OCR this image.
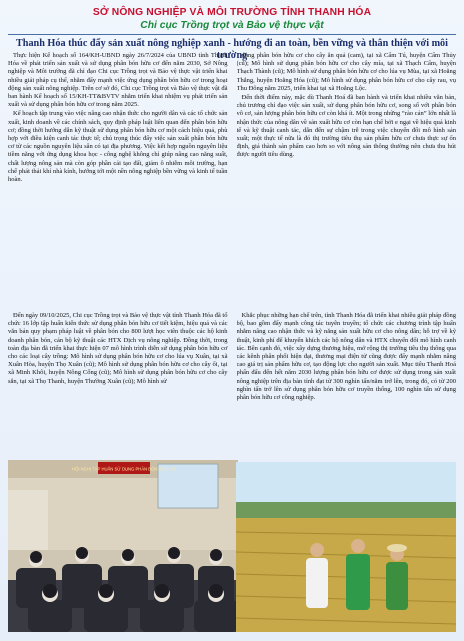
SỞ NÔNG NGHIỆP VÀ MÔI TRƯỜNG TỈNH THANH HÓA
Chi cục Trồng trọt và Bảo vệ thực vật
Thanh Hóa thúc đẩy sản xuất nông nghiệp xanh - hướng đi an toàn, bền vững và thân thiện với môi trường

Thực hiện Kế hoạch số 164/KH-UBND ngày 26/7/2024 của UBND tỉnh Thanh Hóa về phát triển sản xuất và sử dụng phân bón hữu cơ đến năm 2030, Sở Nông nghiệp và Môi trường đã chỉ đạo Chi cục Trồng trọt và Bảo vệ thực vật triển khai nhiều giải pháp cụ thể, nhằm đẩy mạnh việc ứng dụng phân bón hữu cơ trong hoạt động sản xuất nông nghiệp. Trên cơ sở đó, Chi cục Trồng trọt và Bảo vệ thực vật đã ban hành Kế hoạch số 15/KH-TT&BVTV nhằm triển khai nhiệm vụ phát triển sản xuất và sử dụng phân bón hữu cơ trong năm 2025.

Kế hoạch tập trung vào việc nâng cao nhận thức cho người dân và các tổ chức sản xuất, kinh doanh về các chính sách, quy định pháp luật liên quan đến phân bón hữu cơ; đồng thời hướng dẫn kỹ thuật sử dụng phân bón hữu cơ một cách hiệu quả, phù hợp với điều kiện canh tác thực tế; chú trọng thúc đẩy việc sản xuất phân bón hữu cơ từ các nguồn nguyên liệu sẵn có tại địa phương. Việc kết hợp nguồn nguyên liệu tiềm năng với ứng dụng khoa học - công nghệ không chỉ giúp nâng cao năng suất, chất lượng nông sản mà còn góp phần cải tạo đất, giảm ô nhiễm môi trường, hạn chế phát thải khí nhà kính, hướng tới một nền nông nghiệp bền vững và kinh tế tuần hoàn.

dụng phân bón hữu cơ cho cây ăn quả (cam), tại xã Cẩm Tú, huyện Cẩm Thủy (cũ); Mô hình sử dụng phân bón hữu cơ cho cây mía, tại xã Thạch Cẩm, huyện Thạch Thành (cũ); Mô hình sử dụng phân bón hữu cơ cho lúa vụ Mùa, tại xã Hoằng Thắng, huyện Hoằng Hóa (cũ); Mô hình sử dụng phân bón hữu cơ cho cây rau, vụ Thu Đông năm 2025, triển khai tại xã Hoằng Lộc.

Đến thời điểm này, mặc dù Thanh Hoá đã ban hành và triển khai nhiều văn bản, chủ trương chỉ đạo việc sản xuất, sử dụng phân bón hữu cơ, song số với phân bón vô cơ, sản lượng phân bón hữu cơ còn khá ít. Một trong những “rào cản” lớn nhất là nhận thức của nông dân về sản xuất hữu cơ còn hạn chế bởi e ngại về hiệu quả kinh tế và kỹ thuật canh tác, dẫn đến sự chậm trễ trong việc chuyển đổi mô hình sản xuất; một thực tế nữa là đó thị trường tiêu thụ sản phẩm hữu cơ chưa thực sự ổn định, giá thành sản phẩm cao hơn so với nông sản thông thường nên chưa thu hút được người tiêu dùng.

Đến ngày 09/10/2025, Chi cục Trồng trọt và Bảo vệ thực vật tỉnh Thanh Hóa đã tổ chức 16 lớp tập huấn kiến thức sử dụng phân bón hữu cơ tiết kiệm, hiệu quả và các văn bản quy phạm pháp luật về phân bón cho 800 lượt học viên thuộc các hộ kinh doanh phân bón, cán bộ kỹ thuật các HTX Dịch vụ nông nghiệp. Đồng thời, trong toàn địa bàn đã triển khai thực hiện 07 mô hình trình diễn sử dụng phân bón hữu cơ cho các loại cây trồng: Mô hình sử dụng phân bón hữu cơ cho lúa vụ Xuân, tại xã Xuân Hòa, huyện Thọ Xuân (cũ); Mô hình sử dụng phân bón hữu cơ cho cây ổi, tại xã Minh Khôi, huyện Nông Cống (cũ); Mô hình sử dụng phân bón hữu cơ cho cây sắn, tại xã Thọ Thanh, huyện Thường Xuân (cũ); Mô hình sử

Khắc phục những hạn chế trên, tỉnh Thanh Hóa đã triển khai nhiều giải pháp đồng bộ, bao gồm đẩy mạnh công tác tuyên truyền; tổ chức các chương trình tập huấn nhằm nâng cao nhận thức và kỹ năng sản xuất hữu cơ cho nông dân; hỗ trợ về kỹ thuật, kinh phí để khuyến khích các hộ nông dân và HTX chuyển đổi mô hình canh tác. Bên cạnh đó, việc xây dựng thương hiệu, mở rộng thị trường tiêu thụ thông qua các kênh phân phối hiện đại, thương mại điện tử cũng được đẩy mạnh nhằm nâng cao giá trị sản phẩm hữu cơ, tạo động lực cho người sản xuất. Mục tiêu Thanh Hoá phấn đấu đến hết năm 2030 lượng phân bón hữu cơ được sử dụng trong sản xuất nông nghiệp trên địa bàn tỉnh đạt từ 300 nghìn tấn/năm trở lên, trong đó, có từ 200 nghìn tấn trở lên sử dụng phân bón hữu cơ truyền thống, 100 nghìn tấn sử dụng phân bón hữu cơ công nghiệp.

HỘI NGHỊ TẬP HUẤN SỬ DỤNG PHÂN BÓN HỮU CƠ
